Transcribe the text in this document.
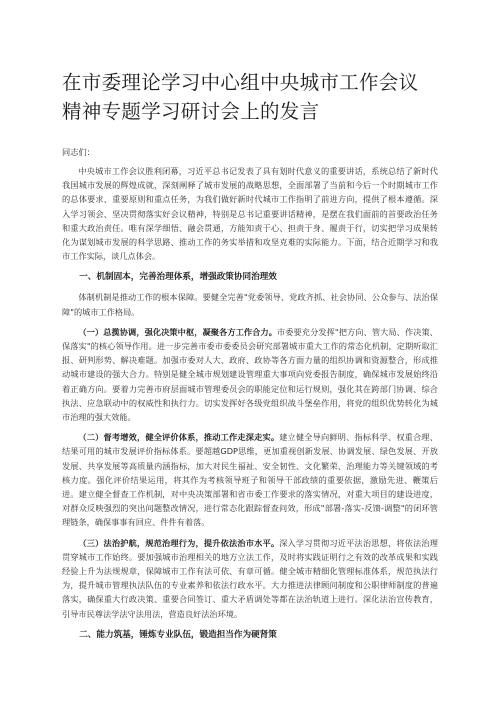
在市委理论学习中心组中央城市工作会议精神专题学习研讨会上的发言
同志们：

中央城市工作会议胜利闭幕，习近平总书记发表了具有划时代意义的重要讲话，系统总结了新时代我国城市发展的辉煌成就，深刻阐释了城市发展的战略思想，全面部署了当前和今后一个时期城市工作的总体要求、重要原则和重点任务，为我们做好新时代城市工作指明了前进方向，提供了根本遵循。深入学习领会、坚决贯彻落实好会议精神，特别是总书记重要讲话精神，是摆在我们面前的首要政治任务和重大政治责任。唯有深学细悟、融会贯通，方能知责于心、担责于身、履责于行，切实把学习成果转化为谋划城市发展的科学思路、推动工作的务实举措和攻坚克难的实际能力。下面，结合近期学习和我市工作实际，谈几点体会。

一、机制固本，完善治理体系，增强政策协同治理效

体制机制是推动工作的根本保障。要健全完善"党委领导、党政齐抓、社会协同、公众参与、法治保障"的城市工作格局。

（一）总揽协调，强化决策中枢，凝聚各方工作合力。市委要充分发挥"把方向、管大局、作决策、保落实"的核心领导作用。进一步完善市委市委委员会研究部署城市重大工作的常态化机制，定期听取汇报、研判形势、解决难题。加强市委对人大、政府、政协等各方面力量的组织协调和资源整合，形成推动城市建设的强大合力。特别是健全城市规划建设管理重大事项向党委报告制度，确保城市发展始终沿着正确方向。要着力完善市府层面城市管理委员会的职能定位和运行规则，强化其在跨部门协调、综合执法、应急联动中的权威性和执行力。切实发挥好各级党组织战斗堡垒作用，将党的组织优势转化为城市治理的强大效能。

（二）督考增效，健全评价体系，推动工作走深走实。建立健全导向鲜明、指标科学、权重合理、结果可用的城市发展评价指标体系。要超越GDP思维，更加重视创新发展、协调发展、绿色发展、开放发展、共享发展等高质量内涵指标，加大对民生福祉、安全韧性、文化繁荣、治理能力等关键领域的考核力度。强化评价结果运用，将其作为考核领导班子和领导干部政绩的重要依据，激励先进、鞭策后进。建立健全督查工作机制，对中央决策部署和省市委工作要求的落实情况，对重大项目的建设进度，对群众反映强烈的突出问题整改情况，进行常态化跟踪督查问效，形成"部署-落实-反馈-调整"的闭环管理链条，确保事事有回应、件件有着落。

（三）法治护航，规范治理行为，提升依法治市水平。深入学习贯彻习近平法治思想，将依法治理贯穿城市工作始终。要加强城市治理相关的地方立法工作，及时将实践证明行之有效的改革成果和实践经验上升为法规规章，保障城市工作有法可依、有章可循。健全城市精细化管理标准体系，规范执法行为，提升城市管理执法队伍的专业素养和依法行政水平。大力推进法律顾问制度和公职律师制度的普遍落实，确保重大行政决策、重要合同签订、重大矛盾调处等都在法治轨道上进行。深化法治宣传教育，引导市民尊法学法守法用法，营造良好法治环境。

二、能力筑基，锤炼专业队伍，锻造担当作为硬肾策
